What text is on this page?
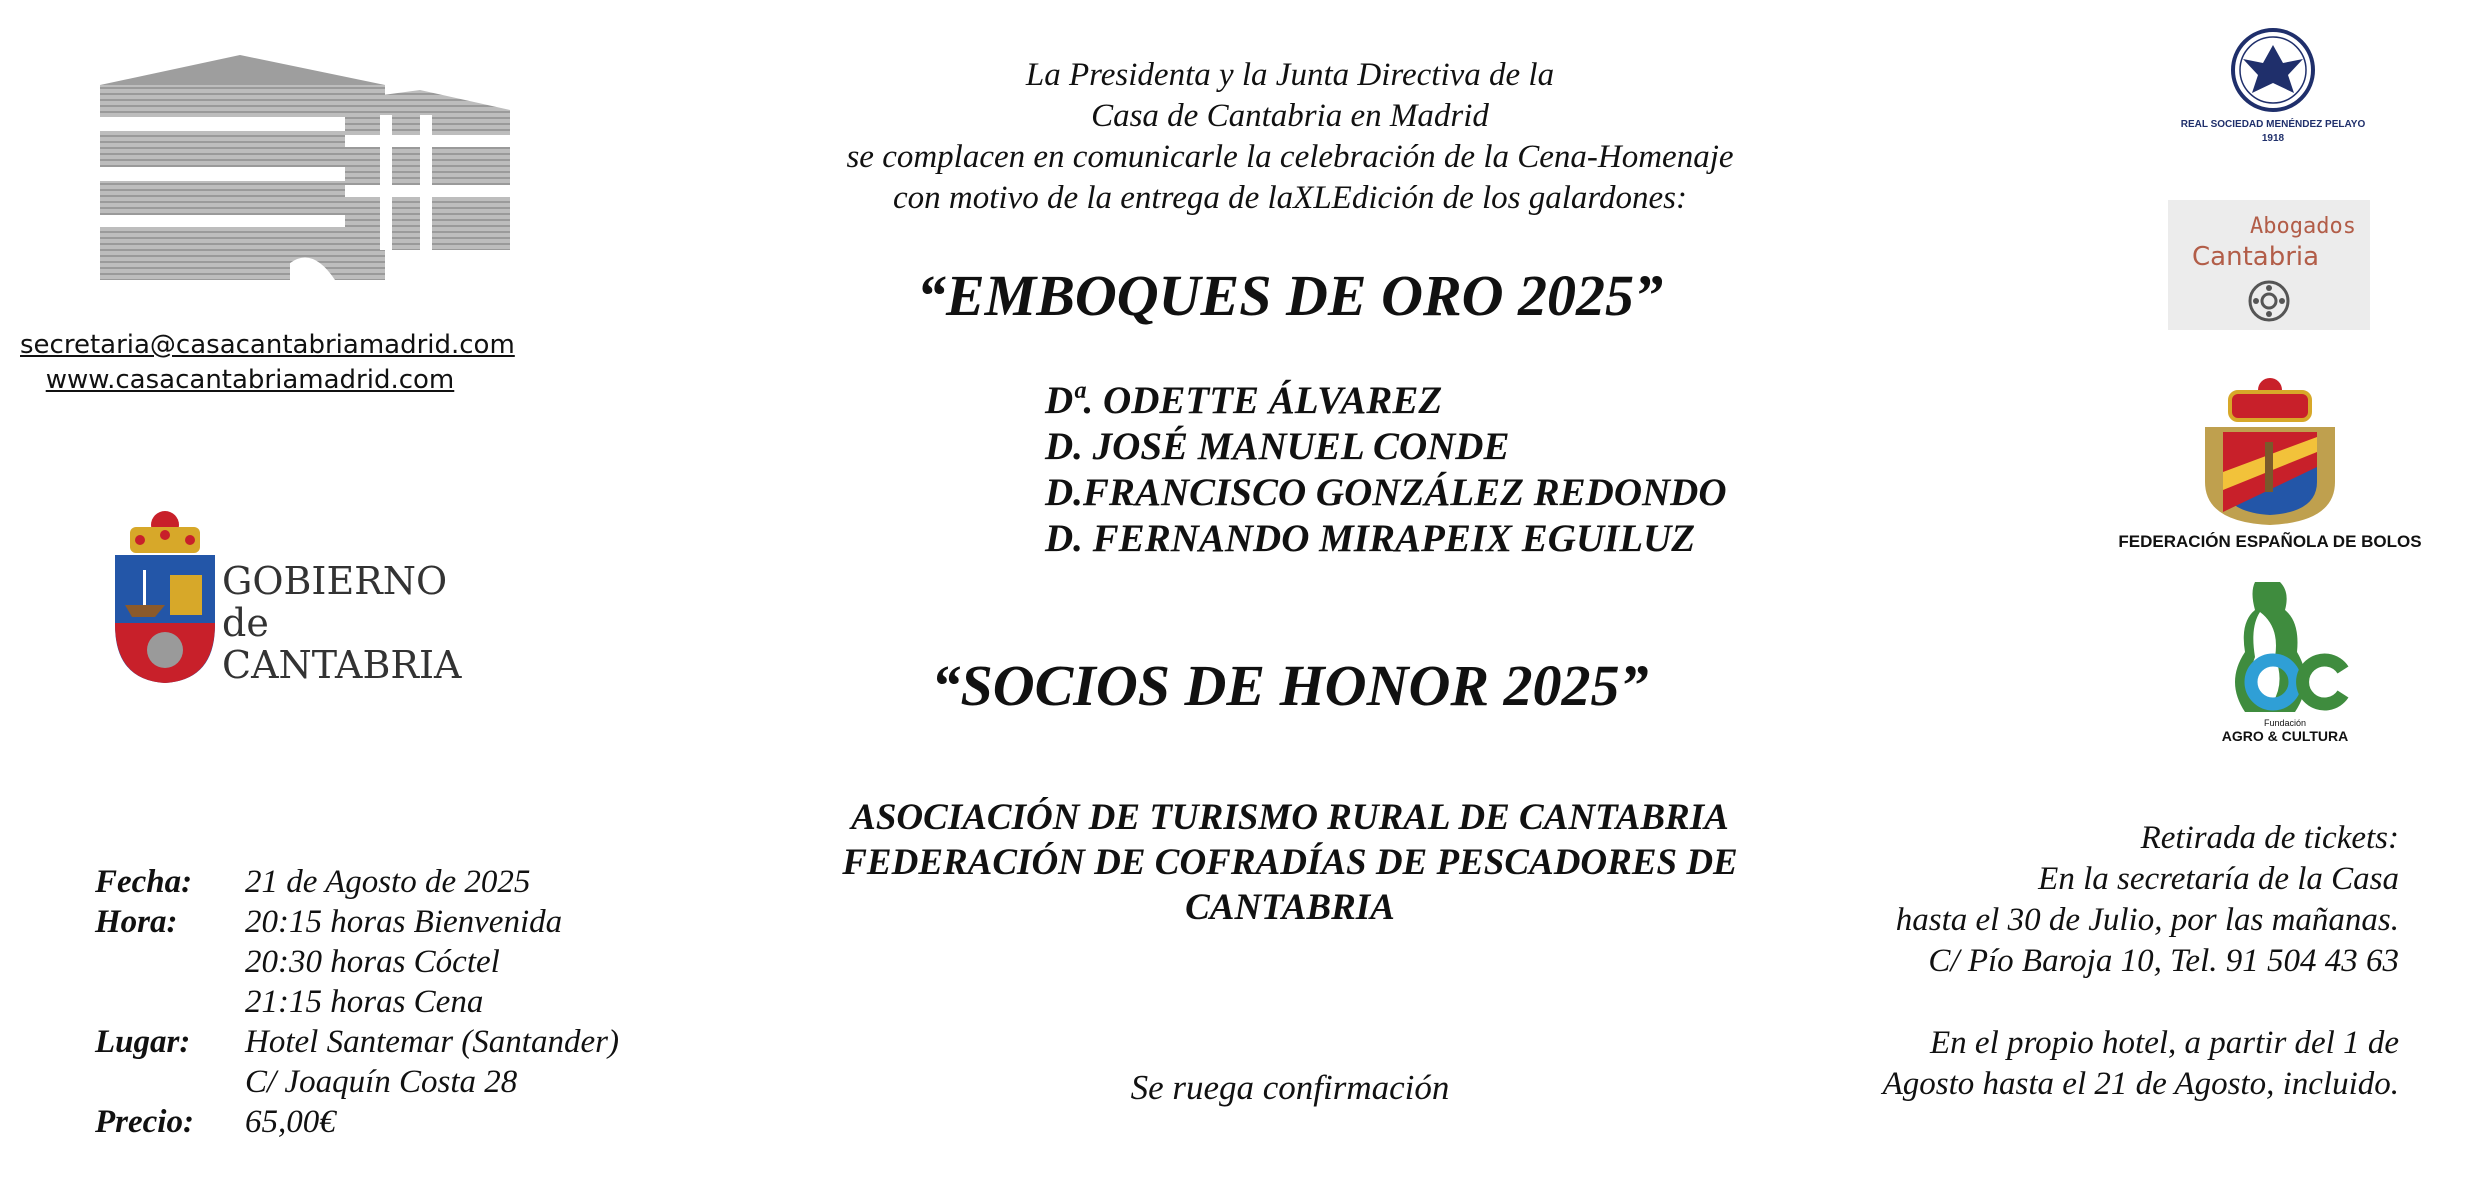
secretaria@casacantabriamadrid.com
www.casacantabriamadrid.com
GOBIERNO
de
CANTABRIA
La Presidenta y la Junta Directiva de la
Casa de Cantabria en Madrid
se complacen en comunicarle la celebración de la Cena-Homenaje
con motivo de la entrega de laXLEdición de los galardones:
“EMBOQUES DE ORO 2025”
Dª. ODETTE ÁLVAREZ
D. JOSÉ MANUEL CONDE
D.FRANCISCO GONZÁLEZ REDONDO
D. FERNANDO MIRAPEIX EGUILUZ
“SOCIOS DE HONOR 2025”
ASOCIACIÓN DE TURISMO RURAL DE CANTABRIA
FEDERACIÓN DE COFRADÍAS DE PESCADORES DE
CANTABRIA
Se ruega confirmación
Fecha:	21 de Agosto de 2025
Hora:	20:15 horas Bienvenida
	20:30 horas Cóctel
	21:15 horas Cena
Lugar:	Hotel Santemar (Santander)
	C/ Joaquín Costa 28
Precio:	65,00€
Retirada de tickets:
En la secretaría de la Casa
hasta el 30 de Julio, por las mañanas.
C/ Pío Baroja 10, Tel. 91 504 43 63
En el propio hotel, a partir del 1 de
Agosto hasta el 21 de Agosto, incluido.
REAL SOCIEDAD MENÉNDEZ PELAYO
1918
Abogados
Cantabria
FEDERACIÓN ESPAÑOLA DE BOLOS
Fundación
AGRO & CULTURA
